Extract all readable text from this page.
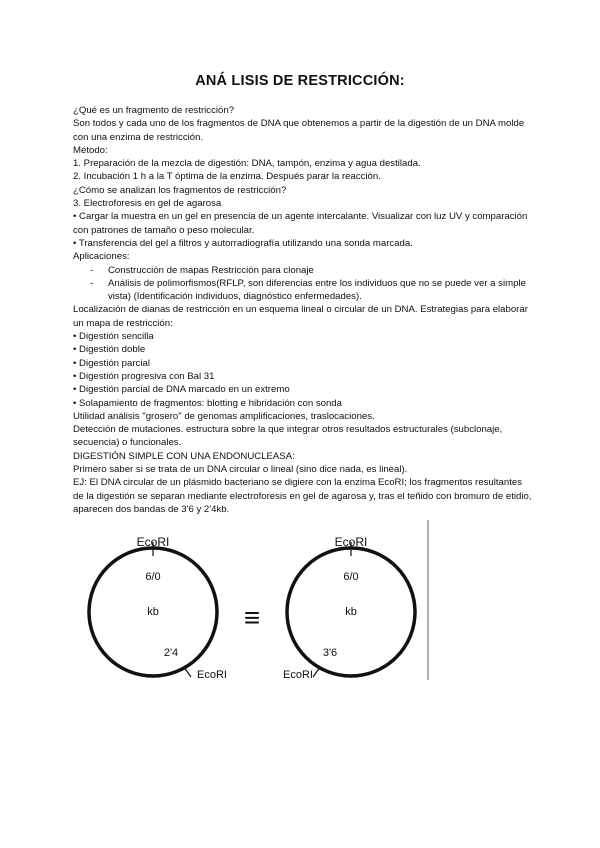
ANÁ LISIS DE RESTRICCIÓN:
¿Qué es un fragmento de restricción?
Son todos y cada uno de los fragmentos de DNA que obtenemos a partir de la digestión de un DNA molde con una enzima de restricción.
Método:
1. Preparación de la mezcla de digestión: DNA, tampón, enzima y agua destilada.
2. Incubación 1 h a la T óptima de la enzima. Después parar la reacción.
¿Cómo se analizan los fragmentos de restricción?
3. Electroforesis en gel de agarosa
• Cargar la muestra en un gel en presencia de un agente intercalante. Visualizar con luz UV y comparación con patrones de tamaño o peso molecular.
• Transferencia del gel a filtros y autorradiografía utilizando una sonda marcada.
Aplicaciones:
- Construcción de mapas Restricción para clonaje
- Análisis de polimorfismos(RFLP, son diferencias entre los individuos que no se puede ver a simple vista) (Identificación individuos, diagnóstico enfermedades).
Localización de dianas de restricción en un esquema lineal o circular de un DNA. Estrategias para elaborar un mapa de restricción:
• Digestión sencilla
• Digestión doble
• Digestión parcial
• Digestión progresiva con Bal 31
• Digestión parcial de DNA marcado en un extremo
• Solapamiento de fragmentos: blotting e hibridación con sonda
Utilidad análisis "grosero" de genomas amplificaciones, traslocaciones.
Detección de mutaciones. estructura sobre la que integrar otros resultados estructurales (subclonaje, secuencia) o funcionales.
DIGESTIÓN SIMPLE CON UNA ENDONUCLEASA:
Primero saber si se trata de un DNA circular o lineal (sino dice nada, es lineal).
EJ: El DNA circular de un plásmido bacteriano se digiere con la enzima EcoRI; los fragmentos resultantes de la digestión se separan mediante electroforesis en gel de agarosa y, tras el teñido con bromuro de etidio, aparecen dos bandas de 3'6 y 2'4kb.
EcoRI
6/0
kb
2'4
EcoRI
≡
EcoRI
6/0
kb
3'6
EcoRI
